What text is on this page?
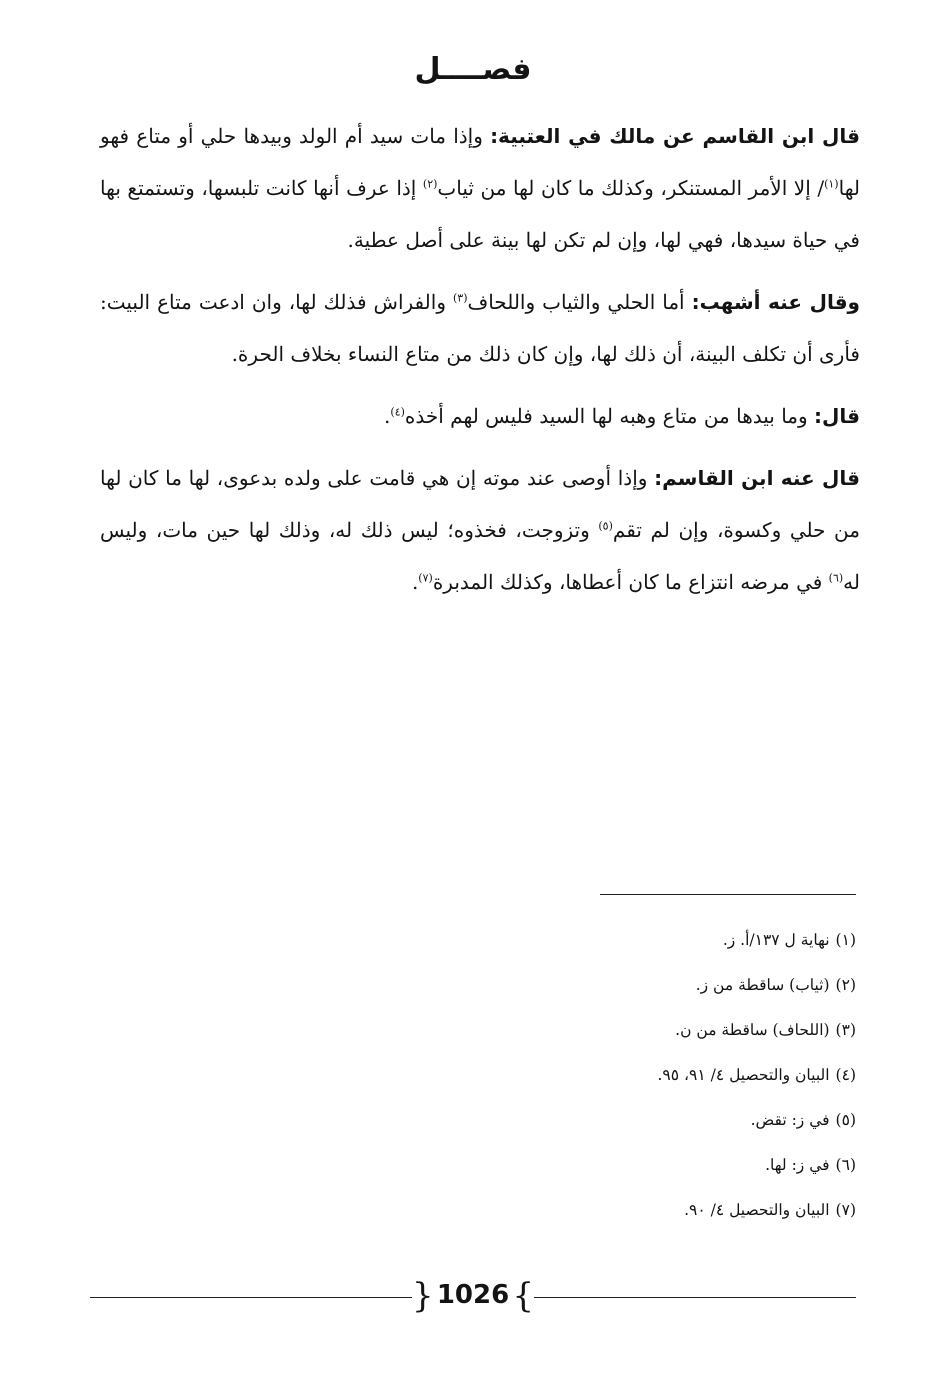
فصــــل

قال ابن القاسم عن مالك في العتبية: وإذا مات سيد أم الولد وبيدها حلي أو متاع فهو لها$^{(١)}$/ إلا الأمر المستنكر، وكذلك ما كان لها من ثياب$^{(٢)}$ إذا عرف أنها كانت تلبسها، وتستمتع بها في حياة سيدها، فهي لها، وإن لم تكن لها بينة على أصل عطية.

وقال عنه أشهب: أما الحلي والثياب واللحاف$^{(٣)}$ والفراش فذلك لها، وان ادعت متاع البيت: فأرى أن تكلف البينة، أن ذلك لها، وإن كان ذلك من متاع النساء بخلاف الحرة.

قال: وما بيدها من متاع وهبه لها السيد فليس لهم أخذه$^{(٤)}$.

قال عنه ابن القاسم: وإذا أوصى عند موته إن هي قامت على ولده بدعوى، لها ما كان لها من حلي وكسوة، وإن لم تقم$^{(٥)}$ وتزوجت، فخذوه؛ ليس ذلك له، وذلك لها حين مات، وليس له$^{(٦)}$ في مرضه انتزاع ما كان أعطاها، وكذلك المدبرة$^{(٧)}$.

(١)نهاية ل ١٣٧/أ. ز.

(٢)(ثياب) ساقطة من ز.

(٣)(اللحاف) ساقطة من ن.

(٤)البيان والتحصيل ٤/ ٩١، ٩٥.

(٥)في ز: تقض.

(٦)في ز: لها.

(٧)البيان والتحصيل ٤/ ٩٠.

{ 1026 }
